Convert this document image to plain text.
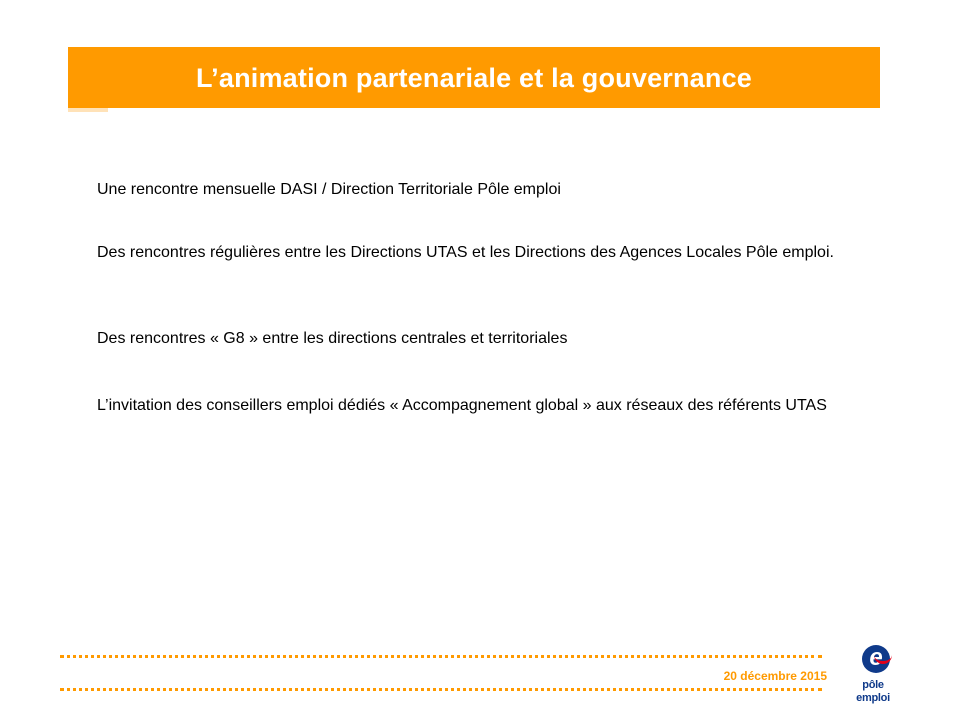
L’animation partenariale et la gouvernance

Une rencontre mensuelle DASI / Direction Territoriale Pôle emploi

Des rencontres régulières entre les Directions UTAS et les Directions des Agences Locales Pôle emploi.

Des rencontres « G8 » entre les directions centrales et territoriales

L’invitation des conseillers emploi dédiés « Accompagnement global » aux réseaux des référents UTAS

20 décembre 2015
e
pôle emploi
